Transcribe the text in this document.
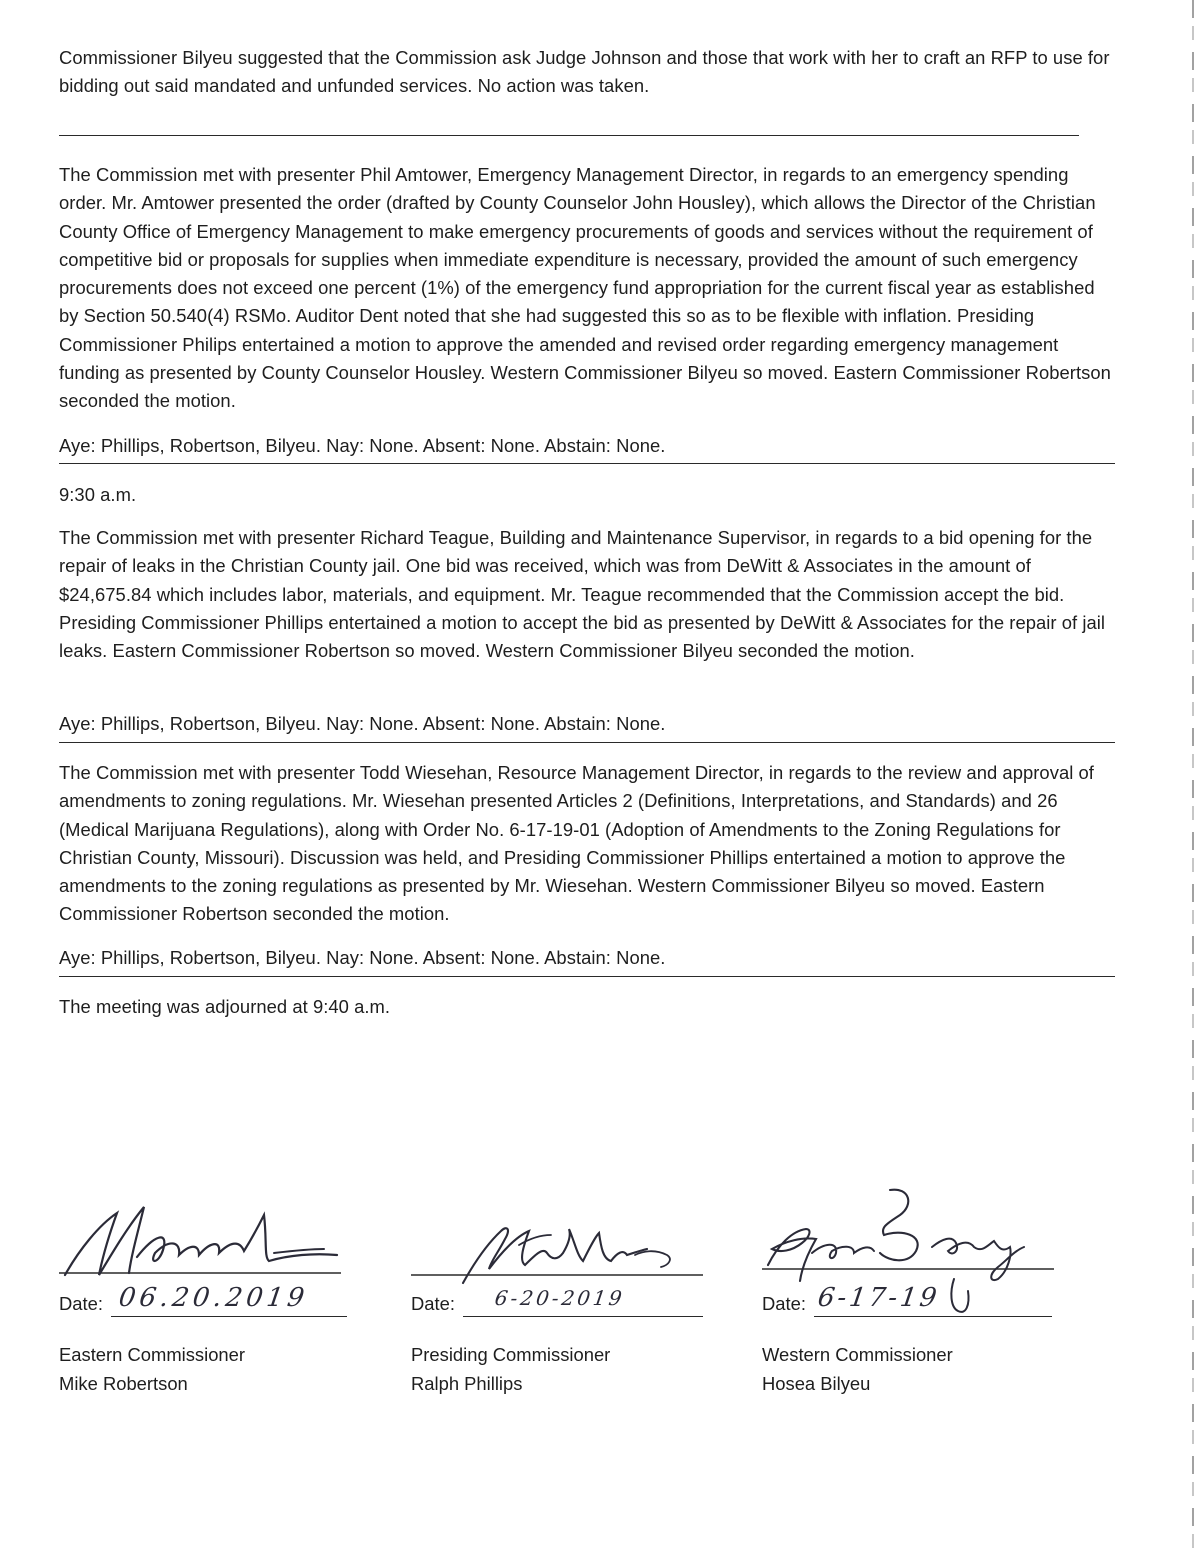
Commissioner Bilyeu suggested that the Commission ask Judge Johnson and those that work with her to craft an RFP to use for bidding out said mandated and unfunded services. No action was taken.
The Commission met with presenter Phil Amtower, Emergency Management Director, in regards to an emergency spending order. Mr. Amtower presented the order (drafted by County Counselor John Housley), which allows the Director of the Christian County Office of Emergency Management to make emergency procurements of goods and services without the requirement of competitive bid or proposals for supplies when immediate expenditure is necessary, provided the amount of such emergency procurements does not exceed one percent (1%) of the emergency fund appropriation for the current fiscal year as established by Section 50.540(4) RSMo. Auditor Dent noted that she had suggested this so as to be flexible with inflation. Presiding Commissioner Philips entertained a motion to approve the amended and revised order regarding emergency management funding as presented by County Counselor Housley. Western Commissioner Bilyeu so moved. Eastern Commissioner Robertson seconded the motion.
Aye: Phillips, Robertson, Bilyeu. Nay: None. Absent: None. Abstain: None.
9:30 a.m.
The Commission met with presenter Richard Teague, Building and Maintenance Supervisor, in regards to a bid opening for the repair of leaks in the Christian County jail. One bid was received, which was from DeWitt & Associates in the amount of $24,675.84 which includes labor, materials, and equipment. Mr. Teague recommended that the Commission accept the bid. Presiding Commissioner Phillips entertained a motion to accept the bid as presented by DeWitt & Associates for the repair of jail leaks. Eastern Commissioner Robertson so moved. Western Commissioner Bilyeu seconded the motion.
Aye: Phillips, Robertson, Bilyeu. Nay: None. Absent: None. Abstain: None.
The Commission met with presenter Todd Wiesehan, Resource Management Director, in regards to the review and approval of amendments to zoning regulations. Mr. Wiesehan presented Articles 2 (Definitions, Interpretations, and Standards) and 26 (Medical Marijuana Regulations), along with Order No. 6-17-19-01 (Adoption of Amendments to the Zoning Regulations for Christian County, Missouri). Discussion was held, and Presiding Commissioner Phillips entertained a motion to approve the amendments to the zoning regulations as presented by Mr. Wiesehan. Western Commissioner Bilyeu so moved. Eastern Commissioner Robertson seconded the motion.
Aye: Phillips, Robertson, Bilyeu. Nay: None. Absent: None. Abstain: None.
The meeting was adjourned at 9:40 a.m.
Date: 06.20.2019
Eastern Commissioner
Mike Robertson
Date: 6-20-2019
Presiding Commissioner
Ralph Phillips
Date: 6-17-19
Western Commissioner
Hosea Bilyeu
